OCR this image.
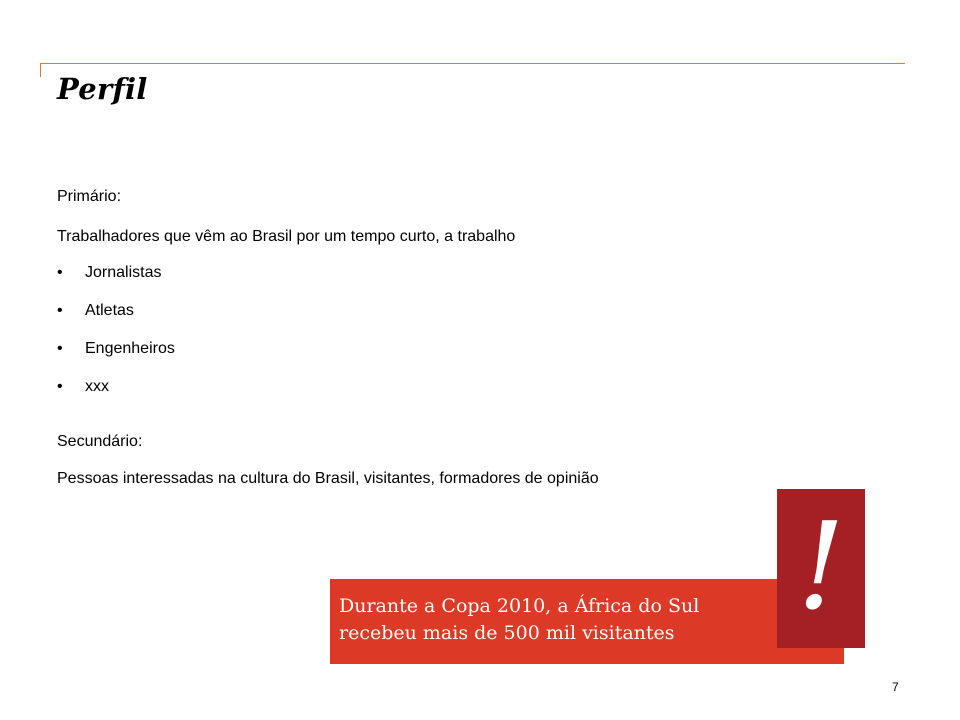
Perfil
Primário:
Trabalhadores que vêm ao Brasil por um tempo curto, a trabalho
• Jornalistas
• Atletas
• Engenheiros
• xxx
Secundário:
Pessoas interessadas na cultura do Brasil, visitantes, formadores de opinião
Durante a Copa 2010, a África do Sul
recebeu mais de 500 mil visitantes	!
7
